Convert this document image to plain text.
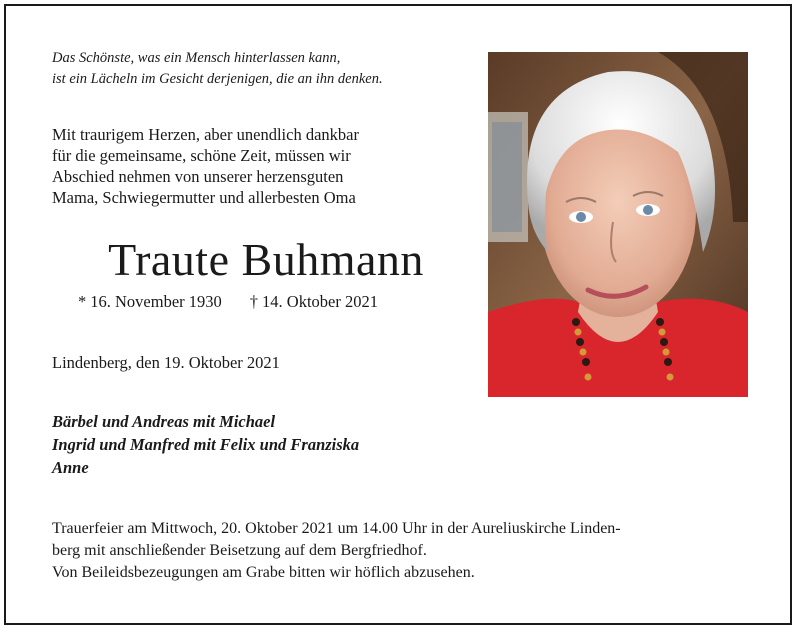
Das Schönste, was ein Mensch hinterlassen kann,
ist ein Lächeln im Gesicht derjenigen, die an ihn denken.
Mit traurigem Herzen, aber unendlich dankbar
für die gemeinsame, schöne Zeit, müssen wir
Abschied nehmen von unserer herzensguten
Mama, Schwiegermutter und allerbesten Oma
Traute Buhmann
* 16. November 1930 † 14. Oktober 2021
Lindenberg, den 19. Oktober 2021
Bärbel und Andreas mit Michael
Ingrid und Manfred mit Felix und Franziska
Anne
Trauerfeier am Mittwoch, 20. Oktober 2021 um 14.00 Uhr in der Aureliuskirche Linden-
berg mit anschließender Beisetzung auf dem Bergfriedhof.
Von Beileidsbezeugungen am Grabe bitten wir höflich abzusehen.
